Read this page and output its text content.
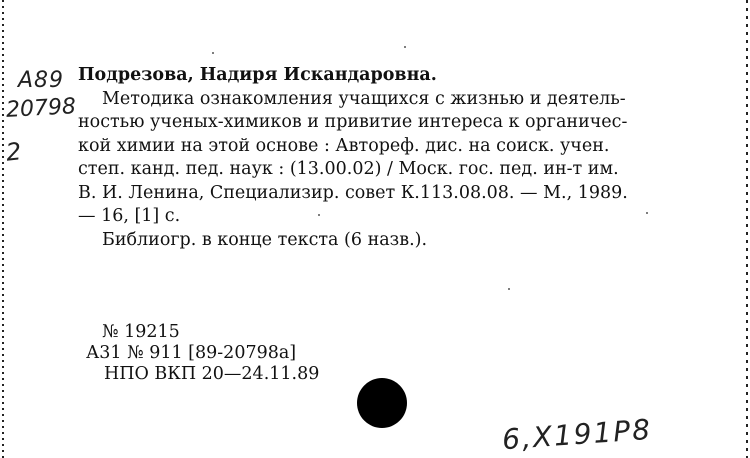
А89
20798
2
Подрезова, Надиря Искандаровна.
Методика ознакомления учащихся с жизнью и деятель-
ностью ученых-химиков и привитие интереса к органичес-
кой химии на этой основе : Автореф. дис. на соиск. учен.
степ. канд. пед. наук : (13.00.02) / Моск. гос. пед. ин-т им.
В. И. Ленина, Специализир. совет К.113.08.08. — М., 1989.
— 16, [1] с.
Библиогр. в конце текста (6 назв.).
№ 19215
А31 № 911 [89-20798а]
НПО ВКП 20—24.11.89
6,Х191Р8
